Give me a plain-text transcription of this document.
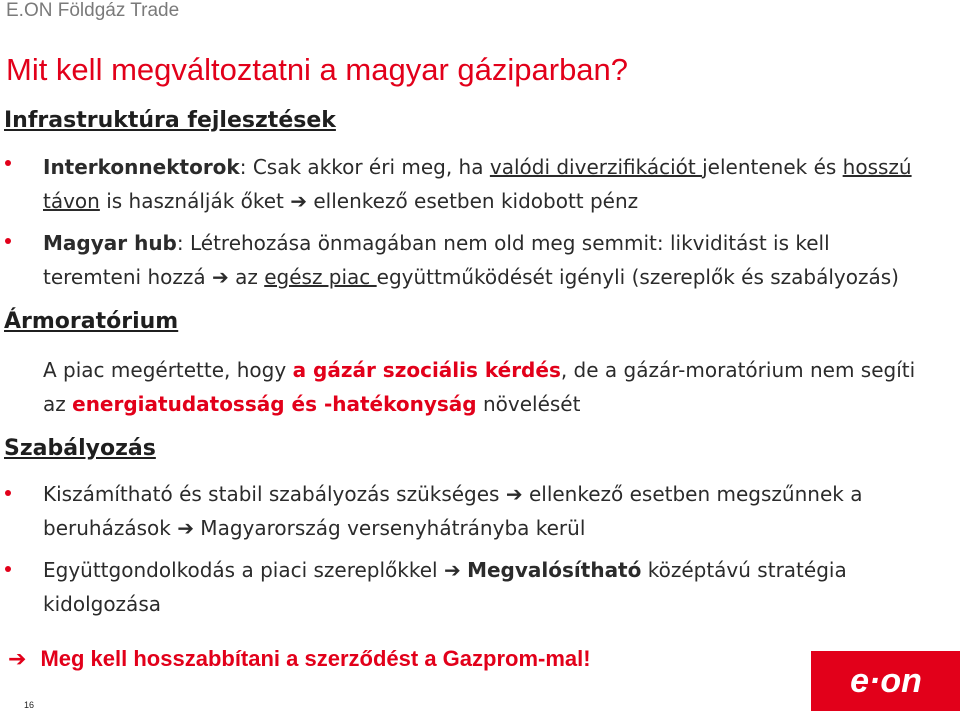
E.ON Földgáz Trade
Mit kell megváltoztatni a magyar gáziparban?
Infrastruktúra fejlesztések
Interkonnektorok: Csak akkor éri meg, ha valódi diverzifikációt jelentenek és hosszú
távon is használják őket ➔ ellenkező esetben kidobott pénz
Magyar hub: Létrehozása önmagában nem old meg semmit: likviditást is kell
teremteni hozzá ➔ az egész piac együttműködését igényli (szereplők és szabályozás)
Ármoratórium
A piac megértette, hogy a gázár szociális kérdés, de a gázár-moratórium nem segíti
az energiatudatosság és -hatékonyság növelését
Szabályozás
Kiszámítható és stabil szabályozás szükséges ➔ ellenkező esetben megszűnnek a
beruházások ➔ Magyarország versenyhátrányba kerül
Együttgondolkodás a piaci szereplőkkel ➔ Megvalósítható középtávú stratégia
kidolgozása
➔ Meg kell hosszabbítani a szerződést a Gazprom-mal!
16
e·on
